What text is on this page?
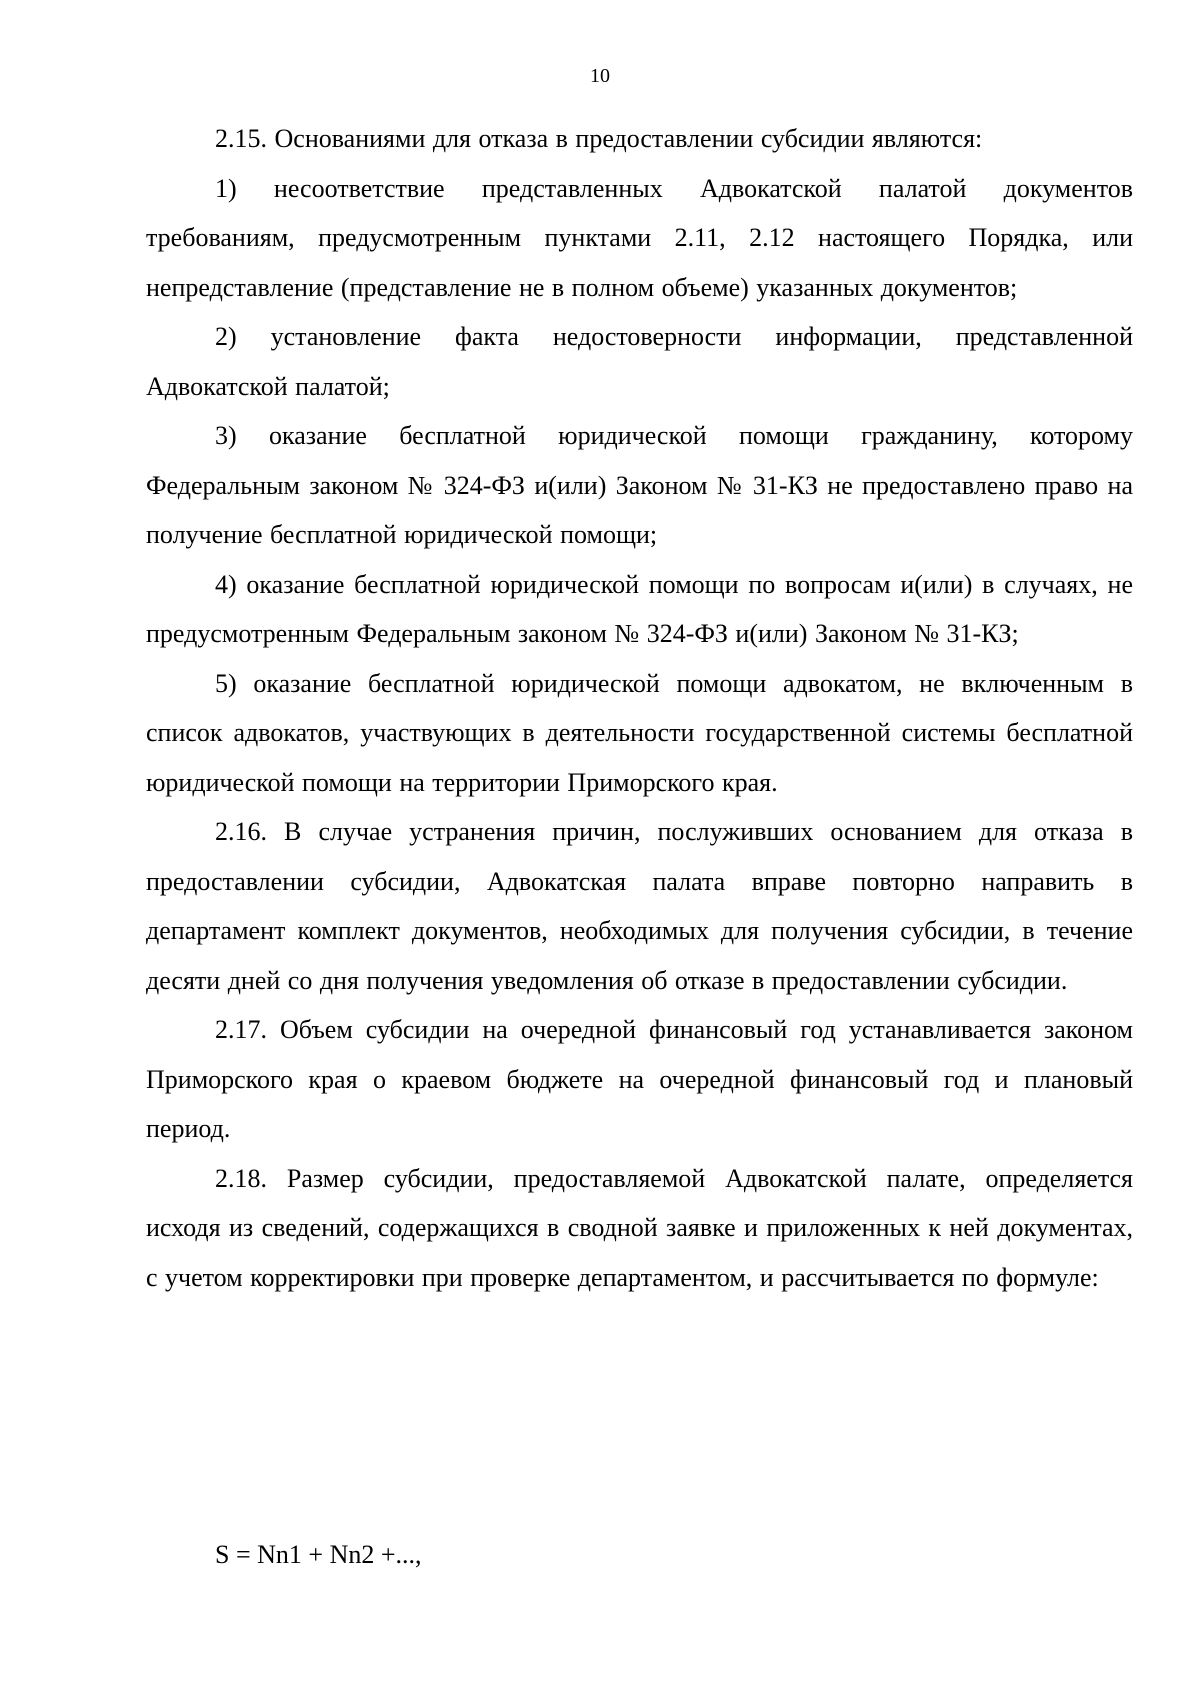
10

2.15. Основаниями для отказа в предоставлении субсидии являются:

1) несоответствие представленных Адвокатской палатой документов требованиям, предусмотренным пунктами 2.11, 2.12 настоящего Порядка, или непредставление (представление не в полном объеме) указанных документов;

2) установление факта недостоверности информации, представленной Адвокатской палатой;

3) оказание бесплатной юридической помощи гражданину, которому Федеральным законом № 324-ФЗ и(или) Законом № 31-КЗ не предоставлено право на получение бесплатной юридической помощи;

4) оказание бесплатной юридической помощи по вопросам и(или) в случаях, не предусмотренным Федеральным законом № 324-ФЗ и(или) Законом № 31-КЗ;

5) оказание бесплатной юридической помощи адвокатом, не включенным в список адвокатов, участвующих в деятельности государственной системы бесплатной юридической помощи на территории Приморского края.

2.16. В случае устранения причин, послуживших основанием для отказа в предоставлении субсидии, Адвокатская палата вправе повторно направить в департамент комплект документов, необходимых для получения субсидии, в течение десяти дней со дня получения уведомления об отказе в предоставлении субсидии.

2.17. Объем субсидии на очередной финансовый год устанавливается законом Приморского края о краевом бюджете на очередной финансовый год и плановый период.

2.18. Размер субсидии, предоставляемой Адвокатской палате, определяется исходя из сведений, содержащихся в сводной заявке и приложенных к ней документах, с учетом корректировки при проверке департаментом, и рассчитывается по формуле:

S = Nn1 + Nn2 +...,
